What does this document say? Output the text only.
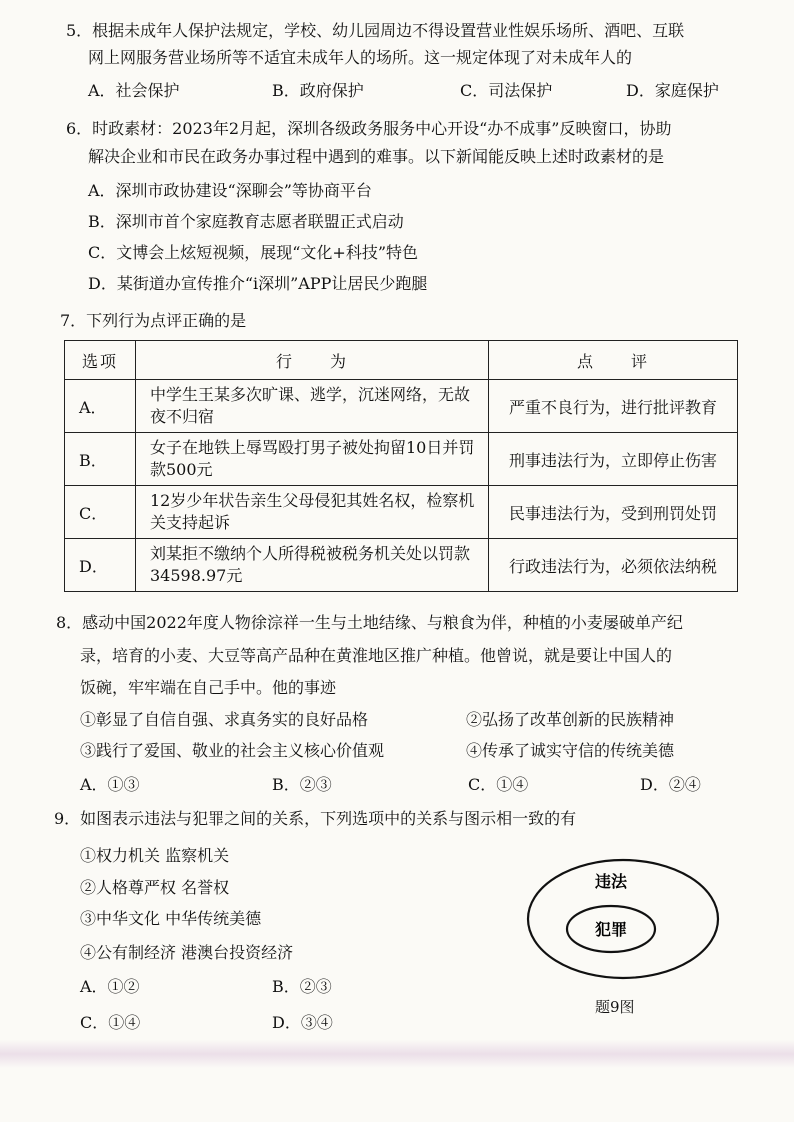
5．根据未成年人保护法规定，学校、幼儿园周边不得设置营业性娱乐场所、酒吧、互联
网上网服务营业场所等不适宜未成年人的场所。这一规定体现了对未成年人的
A．社会保护	B．政府保护	C．司法保护	D．家庭保护
6．时政素材：2023年2月起，深圳各级政务服务中心开设“办不成事”反映窗口，协助
解决企业和市民在政务办事过程中遇到的难事。以下新闻能反映上述时政素材的是
A．深圳市政协建设“深聊会”等协商平台
B．深圳市首个家庭教育志愿者联盟正式启动
C．文博会上炫短视频，展现“文化+科技”特色
D．某街道办宣传推介“i深圳”APP让居民少跑腿
7．下列行为点评正确的是
选项	行　　为	点　　评
A．	中学生王某多次旷课、逃学，沉迷网络，无故夜不归宿	严重不良行为，进行批评教育
B．	女子在地铁上辱骂殴打男子被处拘留10日并罚款500元	刑事违法行为，立即停止伤害
C．	12岁少年状告亲生父母侵犯其姓名权，检察机关支持起诉	民事违法行为，受到刑罚处罚
D．	刘某拒不缴纳个人所得税被税务机关处以罚款34598.97元	行政违法行为，必须依法纳税
8．感动中国2022年度人物徐淙祥一生与土地结缘、与粮食为伴，种植的小麦屡破单产纪
录，培育的小麦、大豆等高产品种在黄淮地区推广种植。他曾说，就是要让中国人的
饭碗，牢牢端在自己手中。他的事迹
①彰显了自信自强、求真务实的良好品格	②弘扬了改革创新的民族精神
③践行了爱国、敬业的社会主义核心价值观	④传承了诚实守信的传统美德
A．①③	B．②③	C．①④	D．②④
9．如图表示违法与犯罪之间的关系，下列选项中的关系与图示相一致的有
①权力机关 监察机关
②人格尊严权 名誉权
③中华文化 中华传统美德
④公有制经济 港澳台投资经济
A．①②	B．②③
C．①④	D．③④
违法
犯罪
题9图
